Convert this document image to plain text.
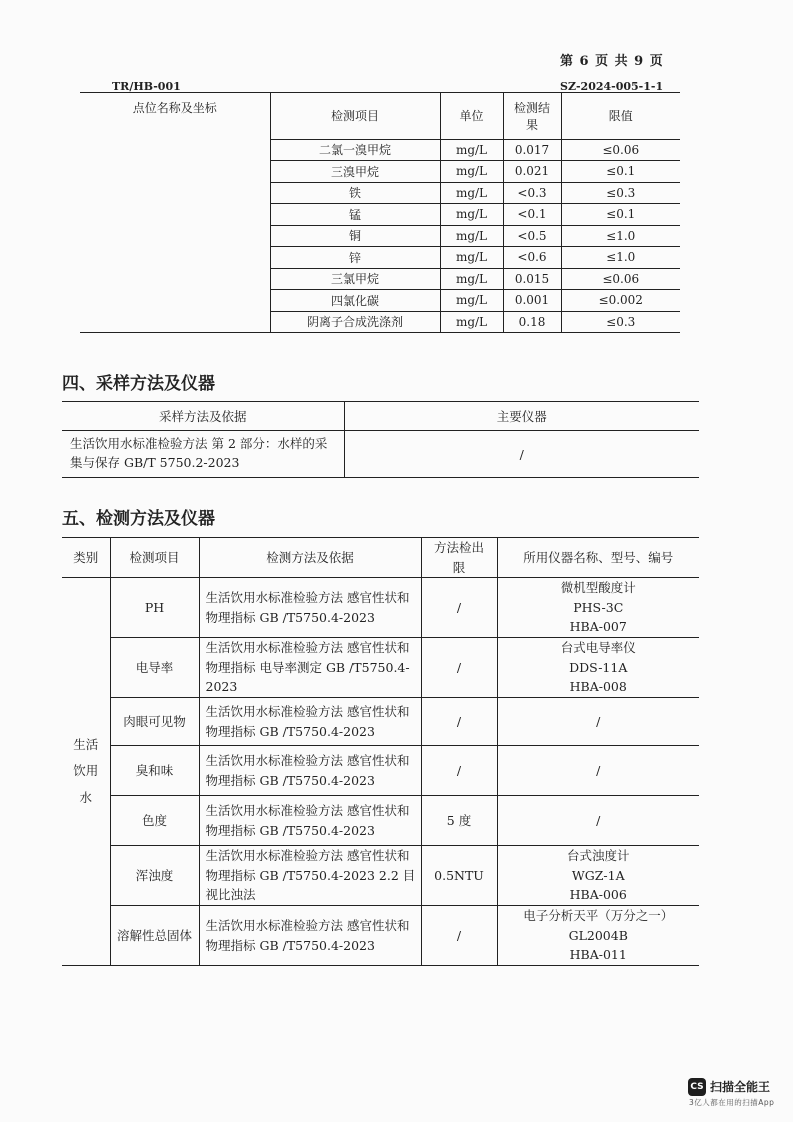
第 6 页 共 9 页
TR/HB-001	SZ-2024-005-1-1
点位名称及坐标	检测项目	单位	检测结果	限值
	二氯一溴甲烷	mg/L	0.017	≤0.06
	三溴甲烷	mg/L	0.021	≤0.1
	铁	mg/L	<0.3	≤0.3
	锰	mg/L	<0.1	≤0.1
	铜	mg/L	<0.5	≤1.0
	锌	mg/L	<0.6	≤1.0
	三氯甲烷	mg/L	0.015	≤0.06
	四氯化碳	mg/L	0.001	≤0.002
	阴离子合成洗涤剂	mg/L	0.18	≤0.3
四、采样方法及仪器
采样方法及依据	主要仪器
生活饮用水标准检验方法 第 2 部分：水样的采集与保存 GB/T 5750.2-2023	/
五、检测方法及仪器
类别	检测项目	检测方法及依据	方法检出限	所用仪器名称、型号、编号
生活饮用水	PH	生活饮用水标准检验方法 感官性状和物理指标 GB /T5750.4-2023	/	微机型酸度计
PHS-3C
HBA-007
	电导率	生活饮用水标准检验方法 感官性状和物理指标 电导率测定 GB /T5750.4-2023	/	台式电导率仪
DDS-11A
HBA-008
	肉眼可见物	生活饮用水标准检验方法 感官性状和物理指标 GB /T5750.4-2023	/	/
	臭和味	生活饮用水标准检验方法 感官性状和物理指标 GB /T5750.4-2023	/	/
	色度	生活饮用水标准检验方法 感官性状和物理指标 GB /T5750.4-2023	5 度	/
	浑浊度	生活饮用水标准检验方法 感官性状和物理指标 GB /T5750.4-2023 2.2 目视比浊法	0.5NTU	台式浊度计
WGZ-1A
HBA-006
	溶解性总固体	生活饮用水标准检验方法 感官性状和物理指标 GB /T5750.4-2023	/	电子分析天平（万分之一）
GL2004B
HBA-011
CS 扫描全能王
3亿人都在用的扫描App
